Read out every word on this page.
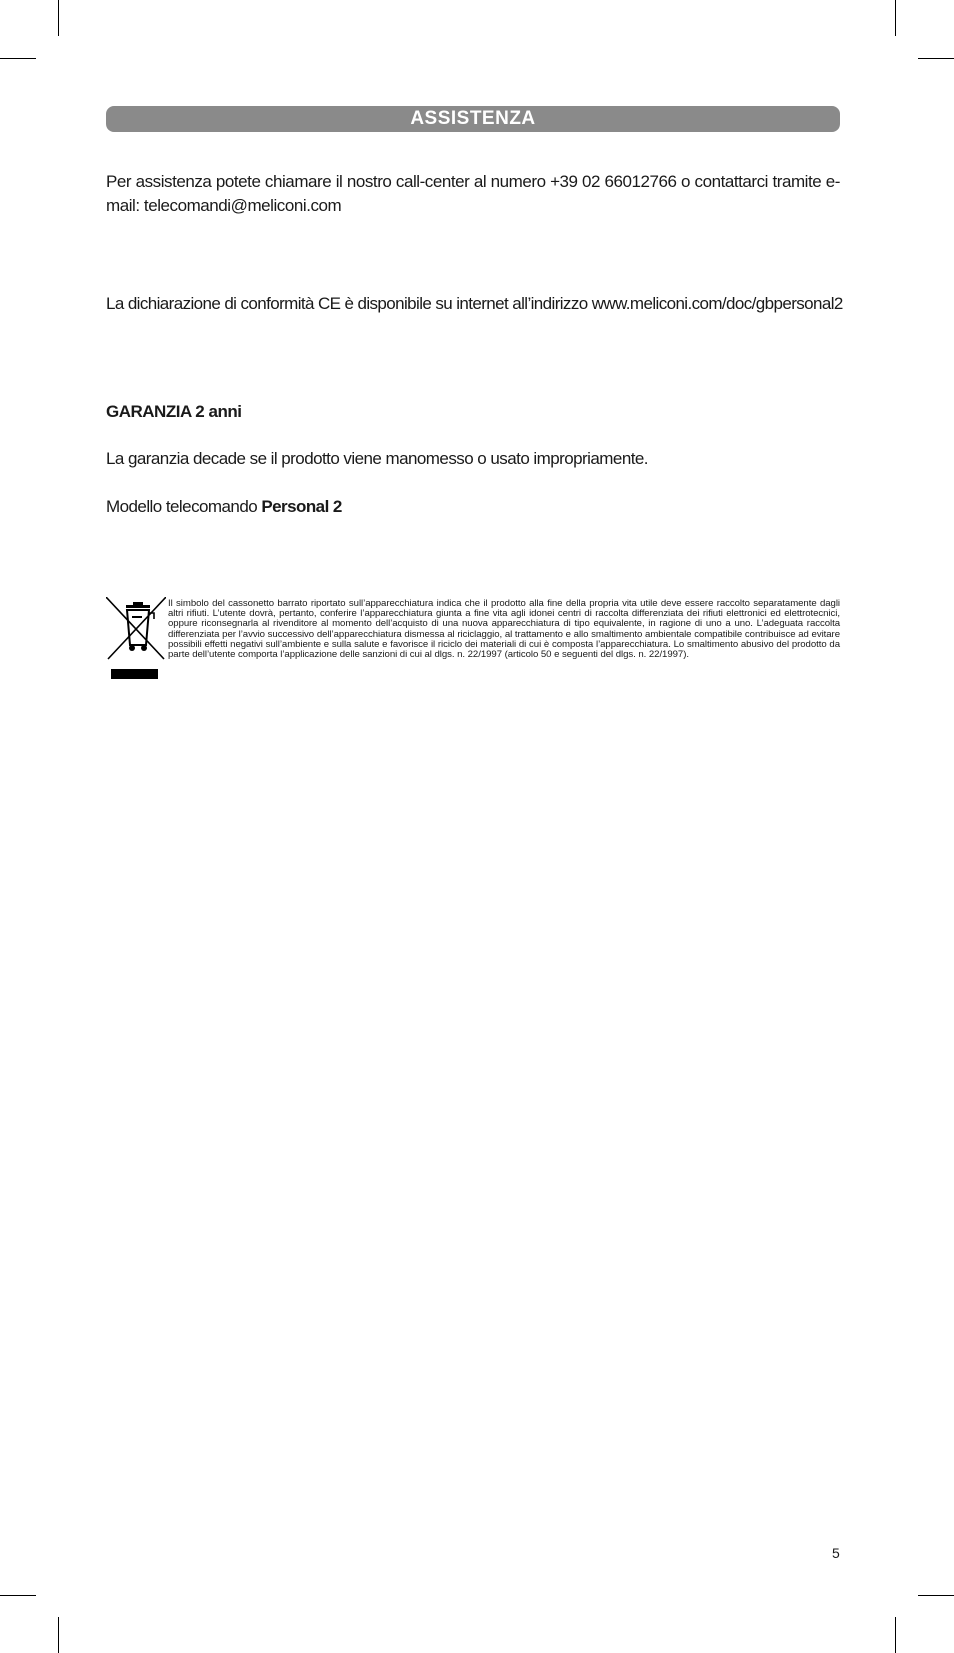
ASSISTENZA
Per assistenza potete chiamare il nostro call-center al numero +39 02 66012766 o contattarci tramite e-mail: telecomandi@meliconi.com
La dichiarazione di conformità CE è disponibile su internet all’indirizzo www.meliconi.com/doc/gbpersonal2
GARANZIA 2 anni
La garanzia decade se il prodotto viene manomesso o usato impropriamente.
Modello telecomando Personal 2
Il simbolo del cassonetto barrato riportato sull’apparecchiatura indica che il prodotto alla fine della propria vita utile deve essere raccolto separatamente dagli altri rifiuti. L’utente dovrà, pertanto, conferire l’apparecchiatura giunta a fine vita agli idonei centri di raccolta differenziata dei rifiuti elettronici ed elettrotecnici, oppure riconsegnarla al rivenditore al momento dell’acquisto di una nuova apparecchiatura di tipo equivalente, in ragione di uno a uno. L’adeguata raccolta differenziata per l’avvio successivo dell’apparecchiatura dismessa al riciclaggio, al trattamento e allo smaltimento ambientale compatibile contribuisce ad evitare possibili effetti negativi sull’ambiente e sulla salute e favorisce il riciclo dei materiali di cui è composta l’apparecchiatura. Lo smaltimento abusivo del prodotto da parte dell’utente comporta l’applicazione delle sanzioni di cui al dlgs. n. 22/1997 (articolo 50 e seguenti del dlgs. n. 22/1997).
5
